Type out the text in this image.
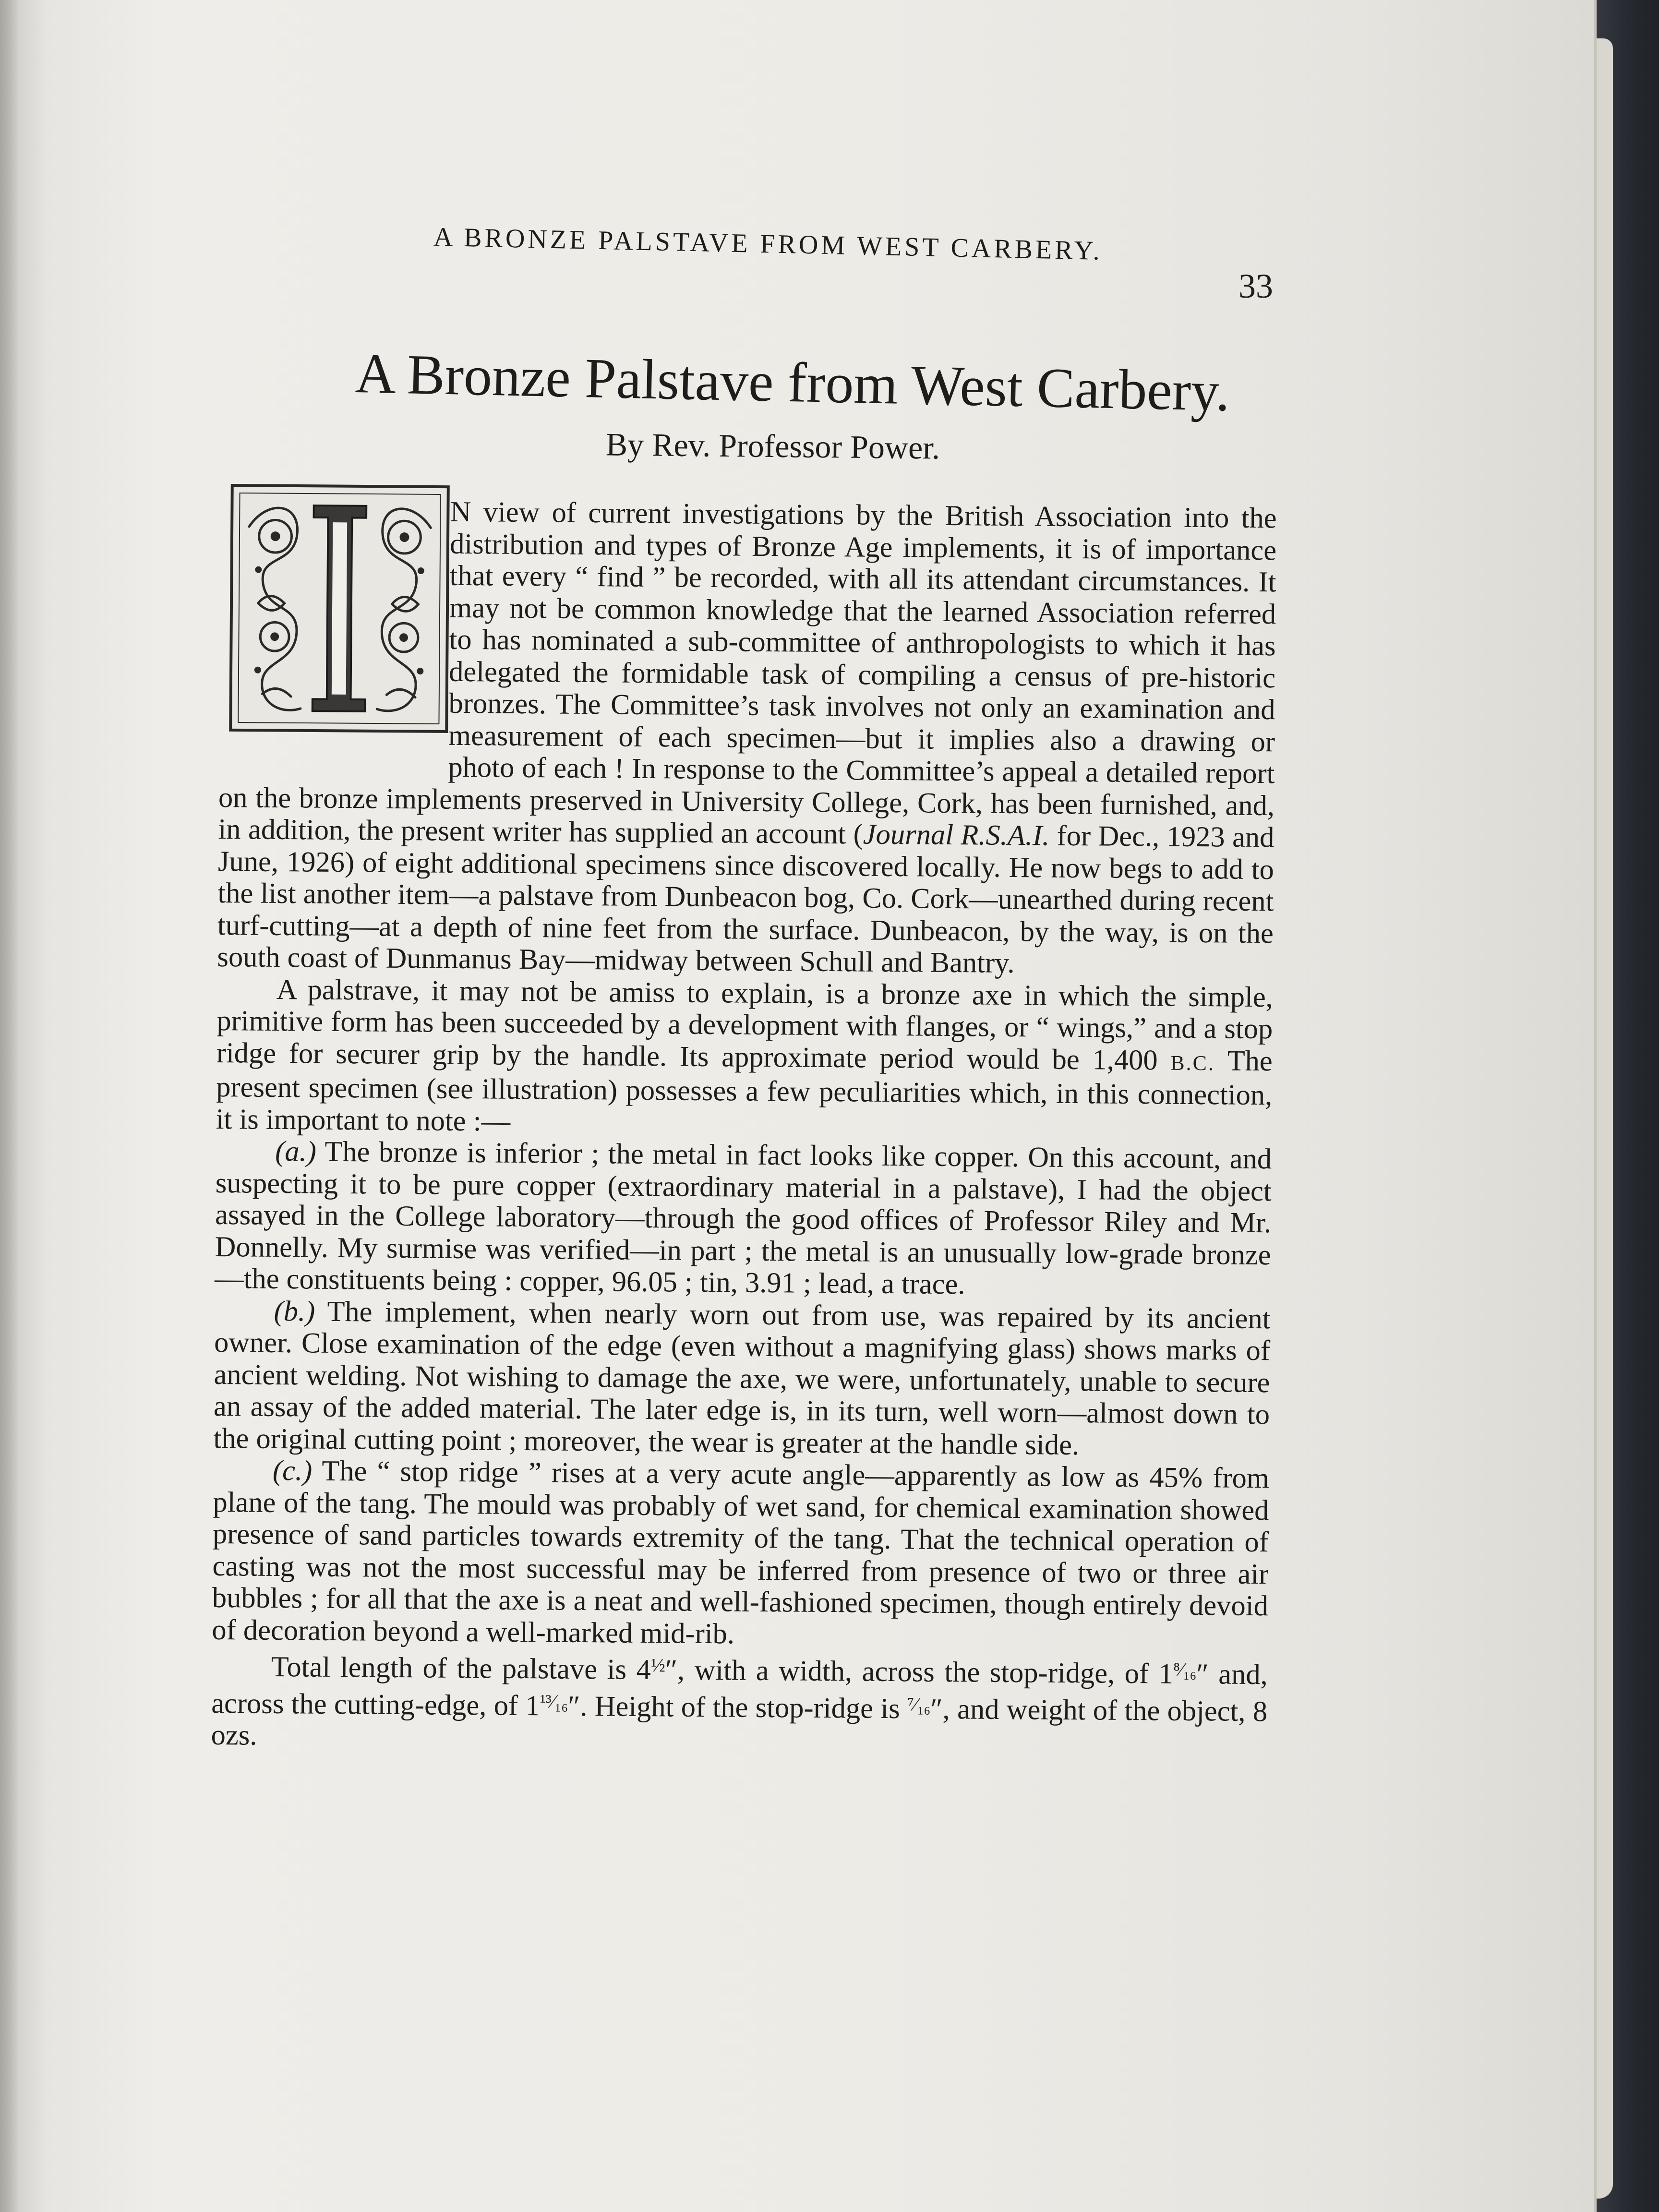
A BRONZE PALSTAVE FROM WEST CARBERY.
33
A Bronze Palstave from West Carbery.
By Rev. Professor Power.

N view of current investigations by the British Association into the distribution and types of Bronze Age implements, it is of importance that every “ find ” be recorded, with all its attendant circumstances. It may not be common knowledge that the learned Association referred to has nominated a sub-committee of anthropologists to which it has delegated the formidable task of compiling a census of pre-historic bronzes. The Committee’s task involves not only an examination and measurement of each specimen—but it implies also a drawing or photo of each ! In response to the Committee’s appeal a detailed report on the bronze implements preserved in University College, Cork, has been furnished, and, in addition, the present writer has supplied an account (Journal R.S.A.I. for Dec., 1923 and June, 1926) of eight additional specimens since discovered locally. He now begs to add to the list another item—a palstave from Dunbeacon bog, Co. Cork—unearthed during recent turf-cutting—at a depth of nine feet from the surface. Dunbeacon, by the way, is on the south coast of Dunmanus Bay—midway between Schull and Bantry.

A palstrave, it may not be amiss to explain, is a bronze axe in which the simple, primitive form has been succeeded by a development with flanges, or “ wings,” and a stop ridge for securer grip by the handle. Its approximate period would be 1,400 B.C. The present specimen (see illustration) possesses a few peculiarities which, in this connection, it is important to note :—

(a.) The bronze is inferior ; the metal in fact looks like copper. On this account, and suspecting it to be pure copper (extraordinary material in a palstave), I had the object assayed in the College laboratory—through the good offices of Professor Riley and Mr. Donnelly. My surmise was verified—in part ; the metal is an unusually low-grade bronze—the constituents being : copper, 96.05 ; tin, 3.91 ; lead, a trace.

(b.) The implement, when nearly worn out from use, was repaired by its ancient owner. Close examination of the edge (even without a magnifying glass) shows marks of ancient welding. Not wishing to damage the axe, we were, unfortunately, unable to secure an assay of the added material. The later edge is, in its turn, well worn—almost down to the original cutting point ; moreover, the wear is greater at the handle side.

(c.) The “ stop ridge ” rises at a very acute angle—apparently as low as 45% from plane of the tang. The mould was probably of wet sand, for chemical examination showed presence of sand particles towards extremity of the tang. That the technical operation of casting was not the most successful may be inferred from presence of two or three air bubbles ; for all that the axe is a neat and well-fashioned specimen, though entirely devoid of decoration beyond a well-marked mid-rib.

Total length of the palstave is $4^{\frac{1}{2}}''$, with a width, across the stop-ridge, of $1^{^8⁄_{16}}''$ and, across the cutting-edge, of $1^{^{13}⁄_{16}}''$. Height of the stop-ridge is $^{^7⁄_{16}}$″, and weight of the object, 8 ozs.
